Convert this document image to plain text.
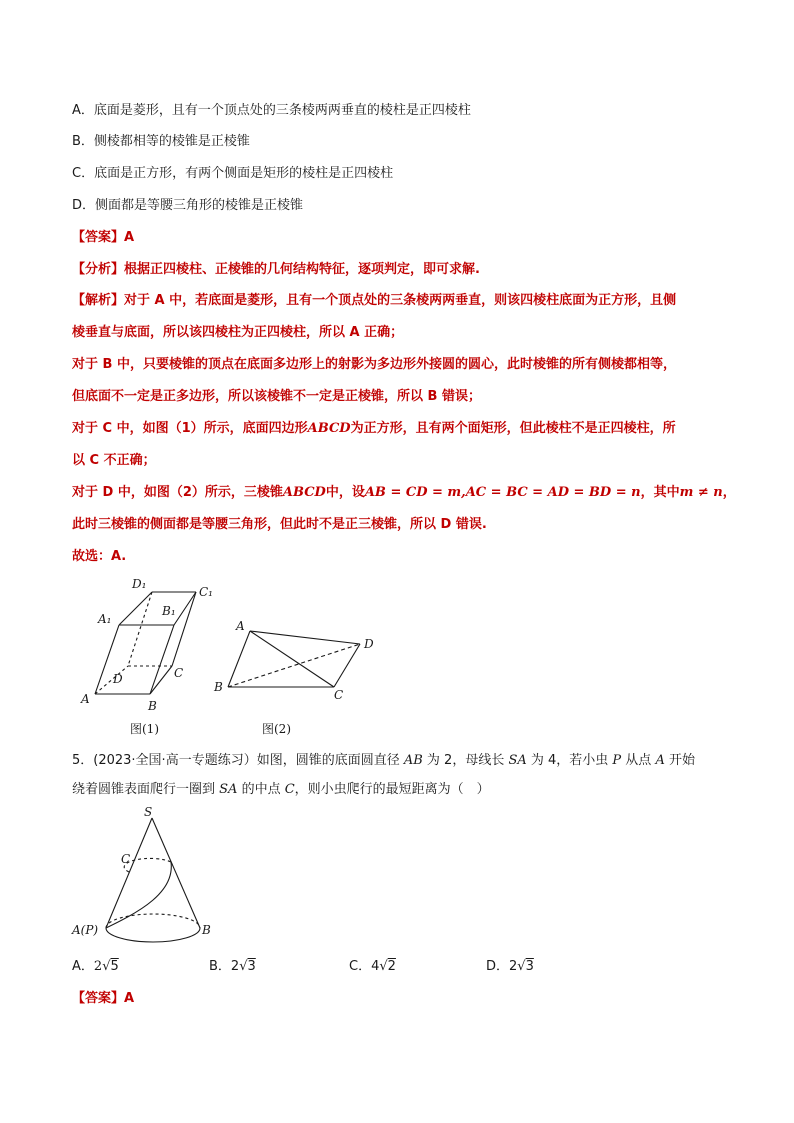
A．底面是菱形，且有一个顶点处的三条棱两两垂直的棱柱是正四棱柱
B．侧棱都相等的棱锥是正棱锥
C．底面是正方形，有两个侧面是矩形的棱柱是正四棱柱
D．侧面都是等腰三角形的棱锥是正棱锥
【答案】A
【分析】根据正四棱柱、正棱锥的几何结构特征，逐项判定，即可求解.
【解析】对于 A 中，若底面是菱形，且有一个顶点处的三条棱两两垂直，则该四棱柱底面为正方形，且侧
棱垂直与底面，所以该四棱柱为正四棱柱，所以 A 正确；
对于 B 中，只要棱锥的顶点在底面多边形上的射影为多边形外接圆的圆心，此时棱锥的所有侧棱都相等，
但底面不一定是正多边形，所以该棱锥不一定是正棱锥，所以 B 错误；
对于 C 中，如图（1）所示，底面四边形ABCD为正方形，且有两个面矩形，但此棱柱不是正四棱柱，所
以 C 不正确；
对于 D 中，如图（2）所示，三棱锥ABCD中，设AB = CD = m,AC = BC = AD = BD = n，其中m ≠ n，
此时三棱锥的侧面都是等腰三角形，但此时不是正三棱锥，所以 D 错误.
故选：A.
D₁
C₁
A₁
B₁
D	C
A	B
图(1)
A
D
B
C
图(2)
5．(2023·全国·高一专题练习）如图，圆锥的底面圆直径 AB 为 2，母线长 SA 为 4，若小虫 P 从点 A 开始
绕着圆锥表面爬行一圈到 SA 的中点 C，则小虫爬行的最短距离为（　）
S
C
A(P)	B
A．2√5	B．2√3	C．4√2	D．2√3
【答案】A
